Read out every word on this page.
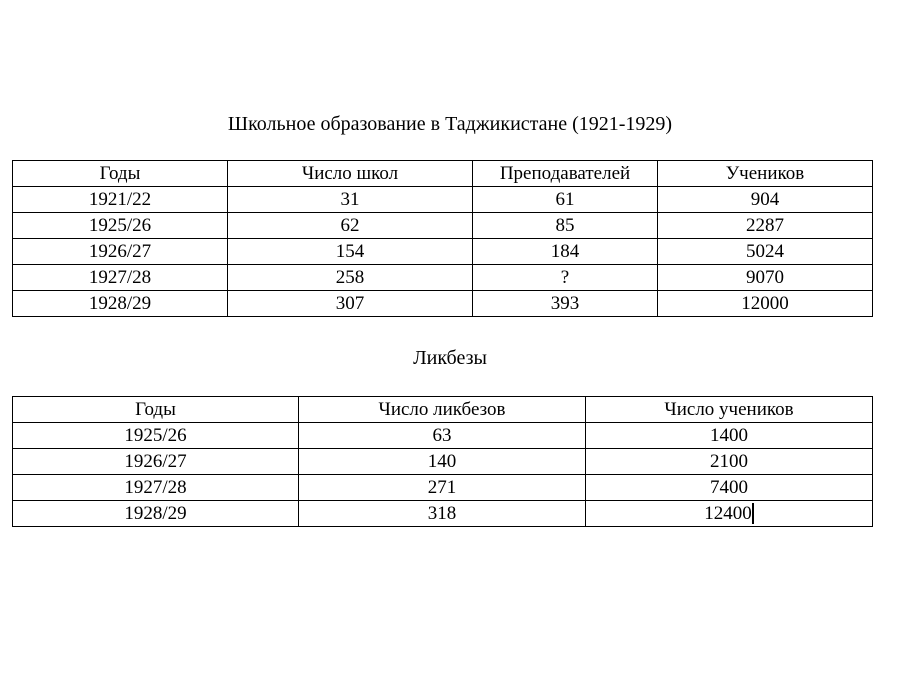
Школьное образование в Таджикистане (1921-1929)
Годы	Число школ	Преподавателей	Учеников
1921/22	31	61	904
1925/26	62	85	2287
1926/27	154	184	5024
1927/28	258	?	9070
1928/29	307	393	12000
Ликбезы
Годы	Число ликбезов	Число учеников
1925/26	63	1400
1926/27	140	2100
1927/28	271	7400
1928/29	318	12400
